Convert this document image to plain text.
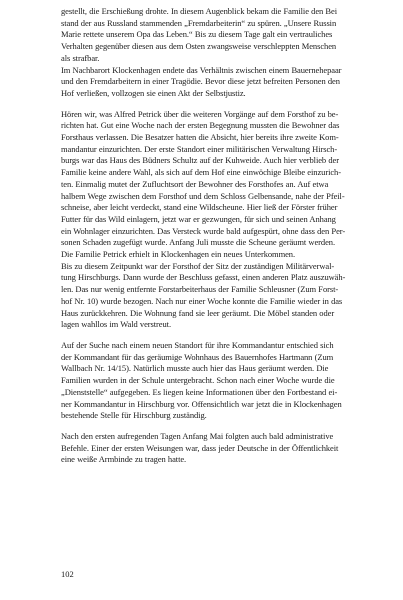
gestellt, die Erschießung drohte. In diesem Augenblick bekam die Familie den Bei
stand der aus Russland stammenden „Fremdarbeiterin“ zu spüren. „Unsere Russin
Marie rettete unserem Opa das Leben.“ Bis zu diesem Tage galt ein vertrauliches
Verhalten gegenüber diesen aus dem Osten zwangsweise verschleppten Menschen
als strafbar.
Im Nachbarort Klockenhagen endete das Verhältnis zwischen einem Bauernehepaar
und den Fremdarbeitern in einer Tragödie. Bevor diese jetzt befreiten Personen den
Hof verließen, vollzogen sie einen Akt der Selbstjustiz.

Hören wir, was Alfred Petrick über die weiteren Vorgänge auf dem Forsthof zu be-
richten hat. Gut eine Woche nach der ersten Begegnung mussten die Bewohner das
Forsthaus verlassen. Die Besatzer hatten die Absicht, hier bereits ihre zweite Kom-
mandantur einzurichten. Der erste Standort einer militärischen Verwaltung Hirsch-
burgs war das Haus des Büdners Schultz auf der Kuhweide. Auch hier verblieb der
Familie keine andere Wahl, als sich auf dem Hof eine einwöchige Bleibe einzurich-
ten. Einmalig mutet der Zufluchtsort der Bewohner des Forsthofes an. Auf etwa
halbem Wege zwischen dem Forsthof und dem Schloss Gelbensande, nahe der Pfeil-
schneise, aber leicht verdeckt, stand eine Wildscheune. Hier ließ der Förster früher
Futter für das Wild einlagern, jetzt war er gezwungen, für sich und seinen Anhang
ein Wohnlager einzurichten. Das Versteck wurde bald aufgespürt, ohne dass den Per-
sonen Schaden zugefügt wurde. Anfang Juli musste die Scheune geräumt werden.
Die Familie Petrick erhielt in Klockenhagen ein neues Unterkommen.
Bis zu diesem Zeitpunkt war der Forsthof der Sitz der zuständigen Militärverwal-
tung Hirschburgs. Dann wurde der Beschluss gefasst, einen anderen Platz auszuwäh-
len. Das nur wenig entfernte Forstarbeiterhaus der Familie Schleusner (Zum Forst-
hof Nr. 10) wurde bezogen. Nach nur einer Woche konnte die Familie wieder in das
Haus zurückkehren. Die Wohnung fand sie leer geräumt. Die Möbel standen oder
lagen wahllos im Wald verstreut.

Auf der Suche nach einem neuen Standort für ihre Kommandantur entschied sich
der Kommandant für das geräumige Wohnhaus des Bauernhofes Hartmann (Zum
Wallbach Nr. 14/15). Natürlich musste auch hier das Haus geräumt werden. Die
Familien wurden in der Schule untergebracht. Schon nach einer Woche wurde die
„Dienststelle“ aufgegeben. Es liegen keine Informationen über den Fortbestand ei-
ner Kommandantur in Hirschburg vor. Offensichtlich war jetzt die in Klockenhagen
bestehende Stelle für Hirschburg zuständig.

Nach den ersten aufregenden Tagen Anfang Mai folgten auch bald administrative
Befehle. Einer der ersten Weisungen war, dass jeder Deutsche in der Öffentlichkeit
eine weiße Armbinde zu tragen hatte.

102
